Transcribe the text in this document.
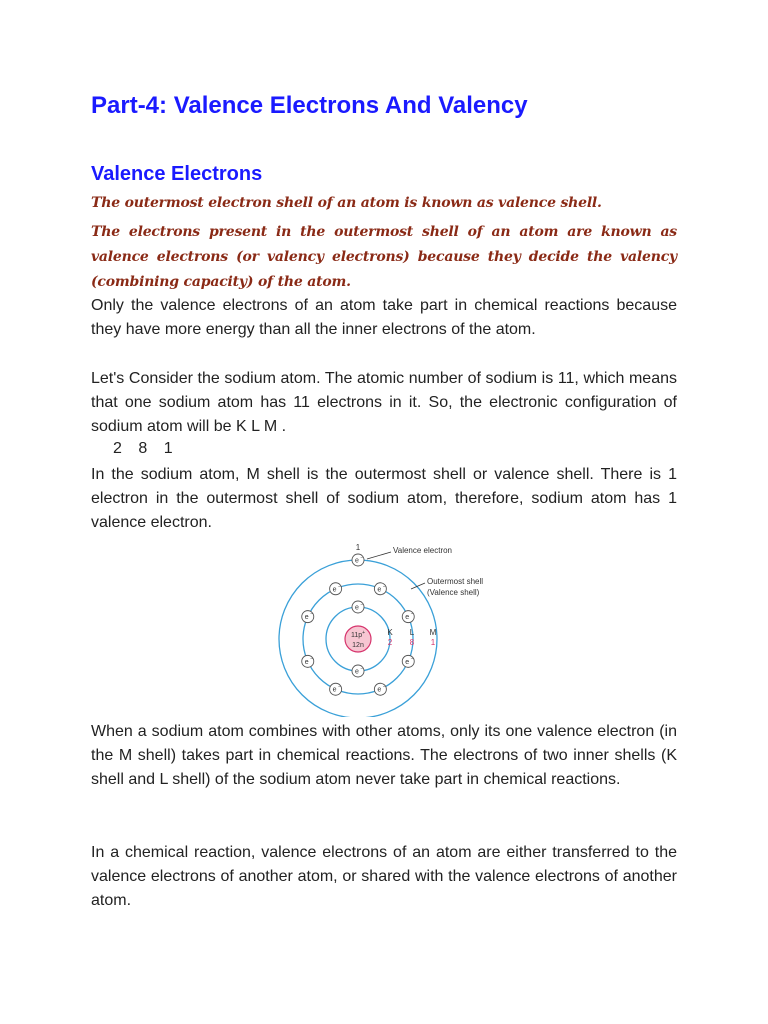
Part-4: Valence Electrons And Valency
Valence Electrons
The outermost electron shell of an atom is known as valence shell.
The electrons present in the outermost shell of an atom are known as valence electrons (or valency electrons) because they decide the valency (combining capacity) of the atom.
Only the valence electrons of an atom take part in chemical reactions because they have more energy than all the inner electrons of the atom.
Let's Consider the sodium atom. The atomic number of sodium is 11, which means that one sodium atom has 11 electrons in it. So, the electronic configuration of sodium atom will be K L M .
2 8 1
In the sodium atom, M shell is the outermost shell or valence shell. There is 1 electron in the outermost shell of sodium atom, therefore, sodium atom has 1 valence electron.
11p+
12n
e −
e −
e −
e −
e −
e −
e −
e −
e −
e −
e −
1	Valence electron
Outermost shell
(Valence shell)
K L M
2 8 1
When a sodium atom combines with other atoms, only its one valence electron (in the M shell) takes part in chemical reactions. The electrons of two inner shells (K shell and L shell) of the sodium atom never take part in chemical reactions.
In a chemical reaction, valence electrons of an atom are either transferred to the valence electrons of another atom, or shared with the valence electrons of another atom.
